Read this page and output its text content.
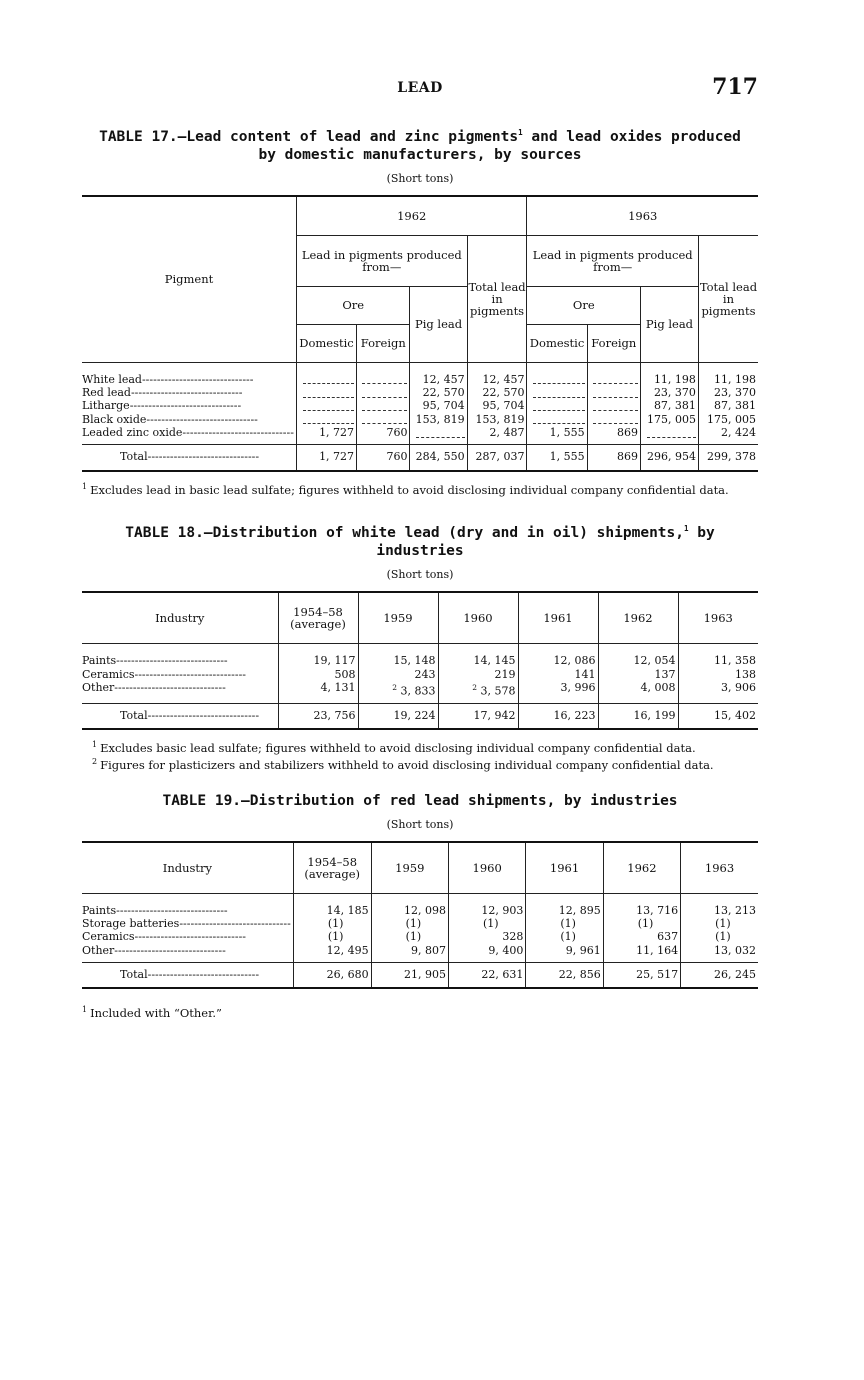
LEAD	717
TABLE 17.—Lead content of lead and zinc pigments$^1$ and lead oxides produced
by domestic manufacturers, by sources
(Short tons)
Pigment	1962				1963			
	Lead in pigments produced from—			Total lead in pigments	Lead in pigments produced from—			Total lead in pigments
	Ore		Pig lead		Ore		Pig lead	
	Domestic	Foreign			Domestic	Foreign		
White lead------------------------------			12, 457	12, 457			11, 198	11, 198
Red lead------------------------------			22, 570	22, 570			23, 370	23, 370
Litharge------------------------------			95, 704	95, 704			87, 381	87, 381
Black oxide------------------------------			153, 819	153, 819			175, 005	175, 005
Leaded zinc oxide------------------------------	1, 727	760		2, 487	1, 555	869		2, 424
Total------------------------------	1, 727	760	284, 550	287, 037	1, 555	869	296, 954	299, 378
$^1$ Excludes lead in basic lead sulfate; figures withheld to avoid disclosing individual company confidential data.
TABLE 18.—Distribution of white lead (dry and in oil) shipments,$^1$ by industries
(Short tons)
Industry	1954–58 (average)	1959	1960	1961	1962	1963
Paints------------------------------	19, 117	15, 148	14, 145	12, 086	12, 054	11, 358
Ceramics------------------------------	508	243	219	141	137	138
Other------------------------------	4, 131	$^2$ 3, 833	$^2$ 3, 578	3, 996	4, 008	3, 906
Total------------------------------	23, 756	19, 224	17, 942	16, 223	16, 199	15, 402
$^1$ Excludes basic lead sulfate; figures withheld to avoid disclosing individual company confidential data.
$^2$ Figures for plasticizers and stabilizers withheld to avoid disclosing individual company confidential data.
TABLE 19.—Distribution of red lead shipments, by industries
(Short tons)
Industry	1954–58 (average)	1959	1960	1961	1962	1963
Paints------------------------------	14, 185	12, 098	12, 903	12, 895	13, 716	13, 213
Storage batteries------------------------------	(1)	(1)	(1)	(1)	(1)	(1)
Ceramics------------------------------	(1)	(1)	328	(1)	637	(1)
Other------------------------------	12, 495	9, 807	9, 400	9, 961	11, 164	13, 032
Total------------------------------	26, 680	21, 905	22, 631	22, 856	25, 517	26, 245
$^1$ Included with “Other.”
